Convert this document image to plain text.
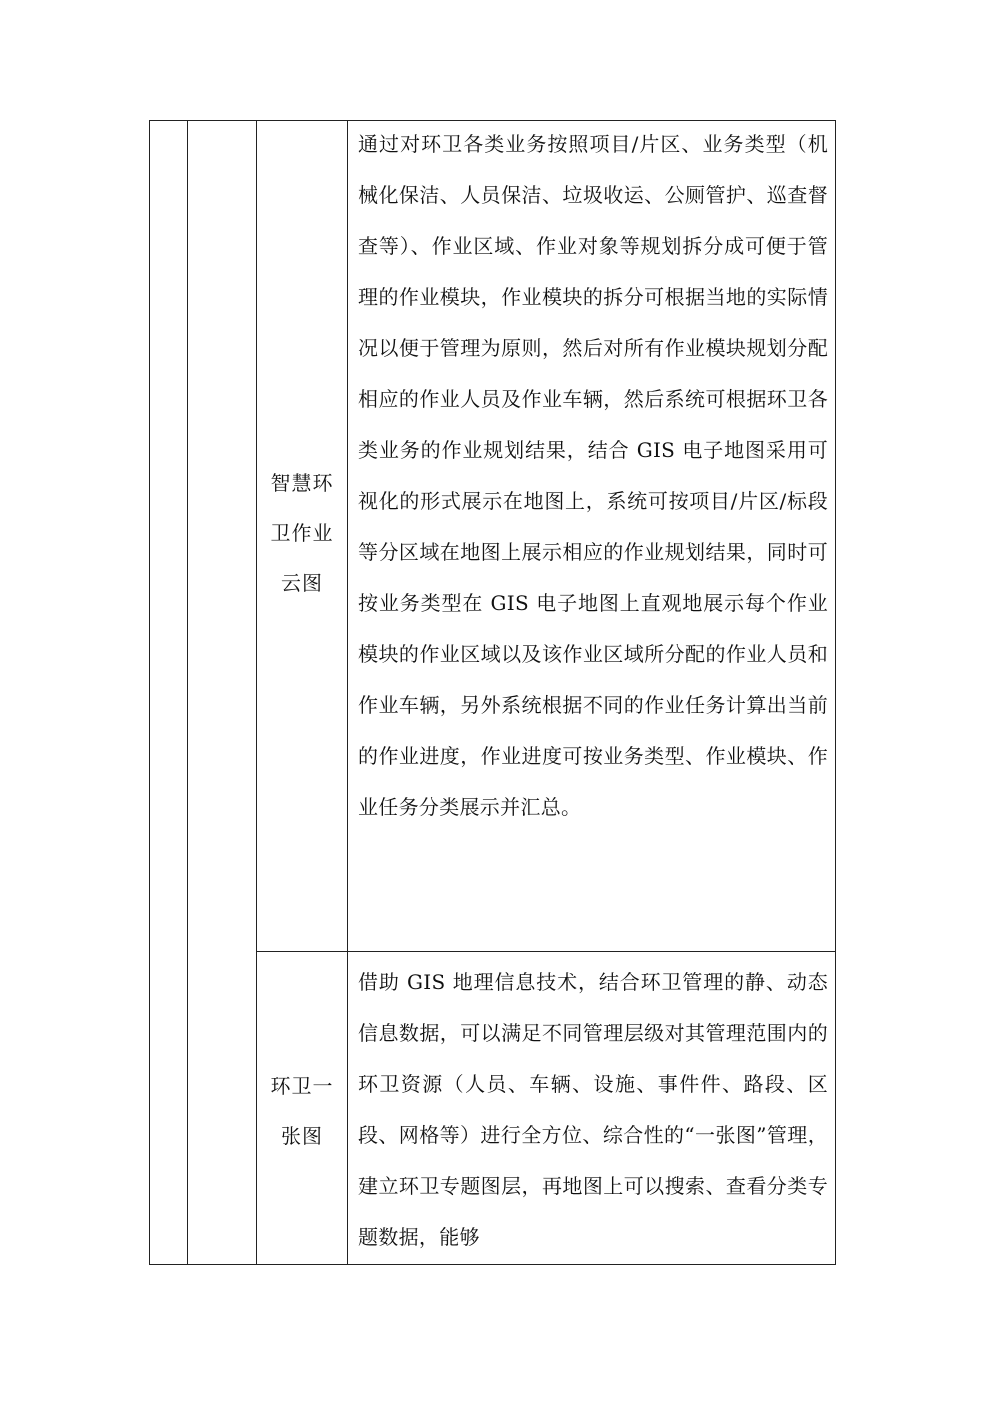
智慧环卫作业云图
通过对环卫各类业务按照项目/片区、业务类型（机械化保洁、人员保洁、垃圾收运、公厕管护、巡查督查等）、作业区域、作业对象等规划拆分成可便于管理的作业模块，作业模块的拆分可根据当地的实际情况以便于管理为原则，然后对所有作业模块规划分配相应的作业人员及作业车辆，然后系统可根据环卫各类业务的作业规划结果，结合 GIS 电子地图采用可视化的形式展示在地图上，系统可按项目/片区/标段等分区域在地图上展示相应的作业规划结果，同时可按业务类型在 GIS 电子地图上直观地展示每个作业模块的作业区域以及该作业区域所分配的作业人员和作业车辆，另外系统根据不同的作业任务计算出当前的作业进度，作业进度可按业务类型、作业模块、作业任务分类展示并汇总。
环卫一张图
借助 GIS 地理信息技术，结合环卫管理的静、动态信息数据，可以满足不同管理层级对其管理范围内的环卫资源（人员、车辆、设施、事件件、路段、区段、网格等）进行全方位、综合性的“一张图”管理，建立环卫专题图层，再地图上可以搜索、查看分类专题数据，能够
